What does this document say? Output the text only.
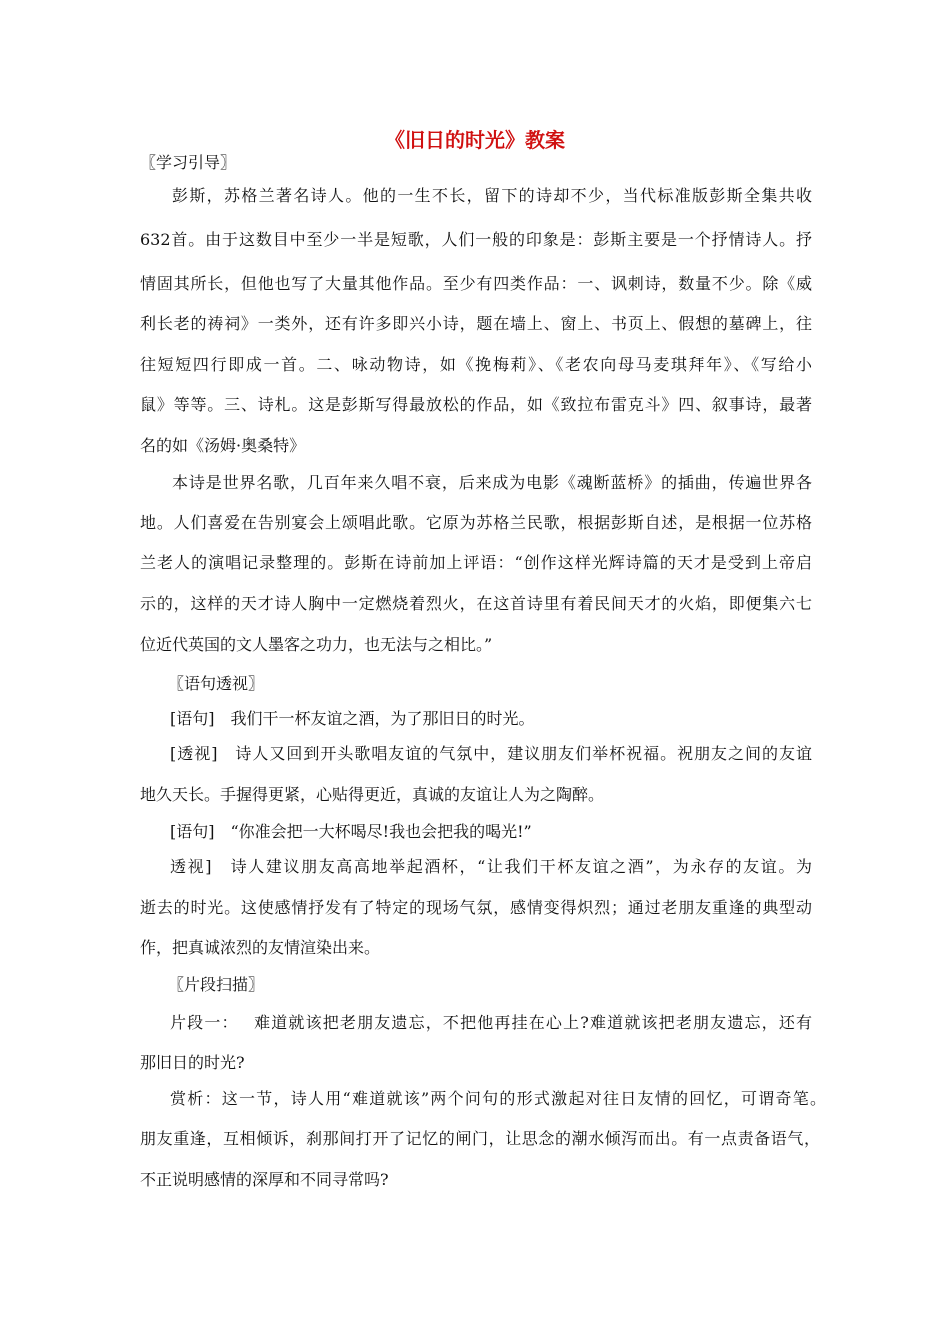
《旧日的时光》教案
〖学习引导〗
彭斯，苏格兰著名诗人。他的一生不长，留下的诗却不少，当代标准版彭斯全集共收
632首。由于这数目中至少一半是短歌，人们一般的印象是：彭斯主要是一个抒情诗人。抒
情固其所长，但他也写了大量其他作品。至少有四类作品：一、讽刺诗，数量不少。除《威
利长老的祷祠》一类外，还有许多即兴小诗，题在墙上、窗上、书页上、假想的墓碑上，往
往短短四行即成一首。二、咏动物诗，如《挽梅莉》、《老农向母马麦琪拜年》、《写给小
鼠》等等。三、诗札。这是彭斯写得最放松的作品，如《致拉布雷克斗》四、叙事诗，最著
名的如《汤姆·奥桑特》
本诗是世界名歌，几百年来久唱不衰，后来成为电影《魂断蓝桥》的插曲，传遍世界各
地。人们喜爱在告别宴会上颂唱此歌。它原为苏格兰民歌，根据彭斯自述，是根据一位苏格
兰老人的演唱记录整理的。彭斯在诗前加上评语：“创作这样光辉诗篇的天才是受到上帝启
示的，这样的天才诗人胸中一定燃烧着烈火，在这首诗里有着民间天才的火焰，即便集六七
位近代英国的文人墨客之功力，也无法与之相比。”
〖语句透视〗
[语句]　我们干一杯友谊之酒，为了那旧日的时光。
[透视]　诗人又回到开头歌唱友谊的气氛中，建议朋友们举杯祝福。祝朋友之间的友谊
地久天长。手握得更紧，心贴得更近，真诚的友谊让人为之陶醉。
[语句]　“你准会把一大杯喝尽!我也会把我的喝光!”
透视]　诗人建议朋友高高地举起酒杯，“让我们干杯友谊之酒”，为永存的友谊。为
逝去的时光。这使感情抒发有了特定的现场气氛，感情变得炽烈；通过老朋友重逢的典型动
作，把真诚浓烈的友情渲染出来。
〖片段扫描〗
片段一：　 难道就该把老朋友遗忘，不把他再挂在心上?难道就该把老朋友遗忘，还有
那旧日的时光?
赏析：这一节，诗人用“难道就该”两个问句的形式激起对往日友情的回忆，可谓奇笔。
朋友重逢，互相倾诉，刹那间打开了记忆的闸门，让思念的潮水倾泻而出。有一点责备语气，
不正说明感情的深厚和不同寻常吗?
